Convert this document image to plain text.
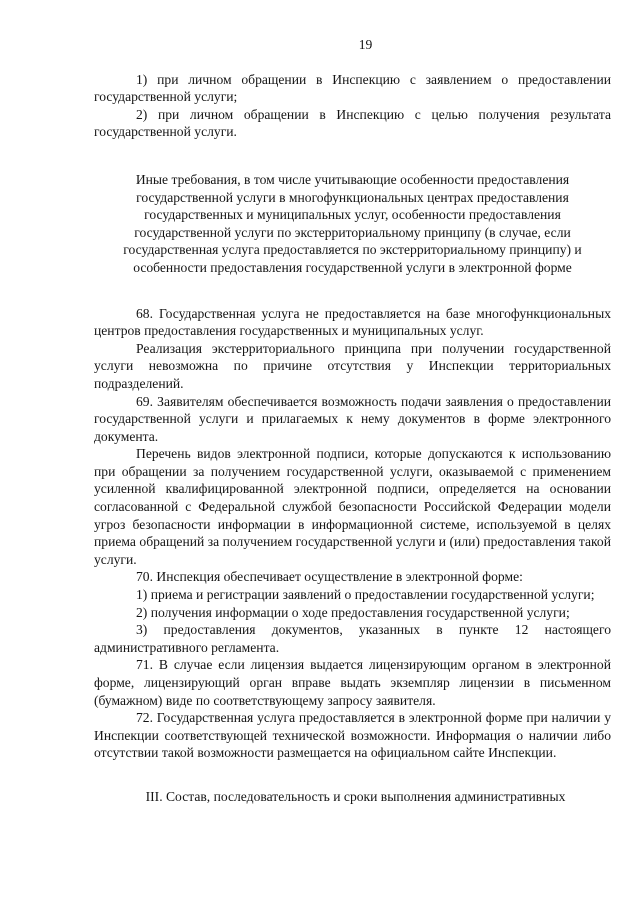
19

1) при личном обращении в Инспекцию с заявлением о предоставлении государственной услуги;

2) при личном обращении в Инспекцию с целью получения результата государственной услуги.

Иные требования, в том числе учитывающие особенности предоставления государственной услуги в многофункциональных центрах предоставления государственных и муниципальных услуг, особенности предоставления государственной услуги по экстерриториальному принципу (в случае, если государственная услуга предоставляется по экстерриториальному принципу) и особенности предоставления государственной услуги в электронной форме

68. Государственная услуга не предоставляется на базе многофункциональных центров предоставления государственных и муниципальных услуг.

Реализация экстерриториального принципа при получении государственной услуги невозможна по причине отсутствия у Инспекции территориальных подразделений.

69. Заявителям обеспечивается возможность подачи заявления о предоставлении государственной услуги и прилагаемых к нему документов в форме электронного документа.

Перечень видов электронной подписи, которые допускаются к использованию при обращении за получением государственной услуги, оказываемой с применением усиленной квалифицированной электронной подписи, определяется на основании согласованной с Федеральной службой безопасности Российской Федерации модели угроз безопасности информации в информационной системе, используемой в целях приема обращений за получением государственной услуги и (или) предоставления такой услуги.

70. Инспекция обеспечивает осуществление в электронной форме:

1) приема и регистрации заявлений о предоставлении государственной услуги;

2) получения информации о ходе предоставления государственной услуги;

3) предоставления документов, указанных в пункте 12 настоящего административного регламента.

71. В случае если лицензия выдается лицензирующим органом в электронной форме, лицензирующий орган вправе выдать экземпляр лицензии в письменном (бумажном) виде по соответствующему запросу заявителя.

72. Государственная услуга предоставляется в электронной форме при наличии у Инспекции соответствующей технической возможности. Информация о наличии либо отсутствии такой возможности размещается на официальном сайте Инспекции.

III. Состав, последовательность и сроки выполнения административных
